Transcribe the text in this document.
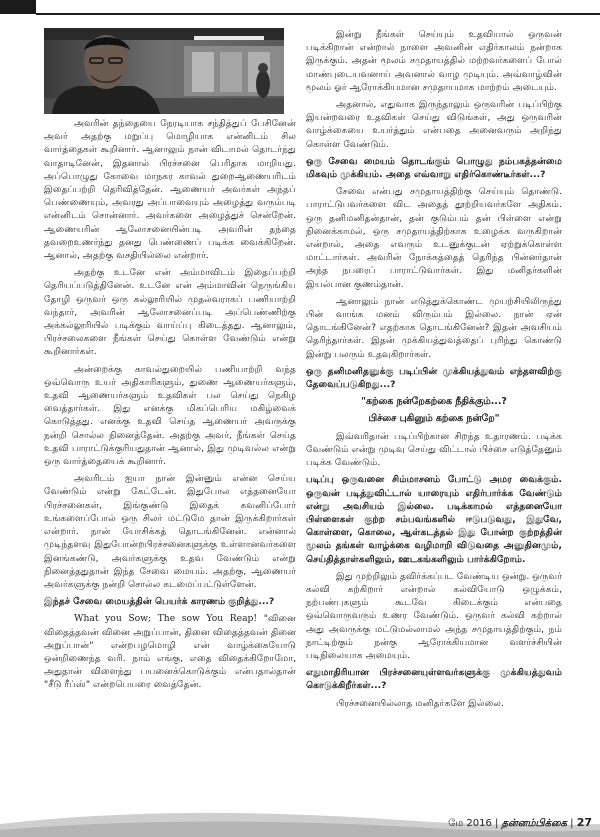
அவரின் தந்தையை நேரடியாக சந்தித்துப் பேசினேன் அவர் அதற்கு மறுப்பு மொழியாக என்னிடம் சில வார்த்தைகள் கூறினார். ஆனாலும் நான் விடாமல் தொடர்ந்து வாதாடினேன், இதனால் பிரச்சனை பெரிதாக மாறியது. அப்பொழுது கோவை மாநகர காவல் துறைஆணையரிடம் இதைப்பற்றி தெரிவித்தேன். ஆணையர் அவர்கள் அந்தப் பெண்ணையும், அவரது அப்பாவையும் அழைத்து வரும்படி என்னிடம் சொன்னார். அவர்களை அழைத்துச் சென்றேன். ஆணையரின் ஆலோசனையின்படி அவரின் தந்தை தவறைஉணர்ந்து தனது பெண்ணைப் படிக்க வைக்கிறேன். ஆனால், அதற்கு வசதியில்லை என்றார்.

அதற்கு உடனே என் அம்மாவிடம் இதைப்பற்றி தெரியப்படுத்தினேன். உடனே என் அம்மாவின் நெருங்கிய தோழி ஒருவர் ஒரு கல்லூரியில் முதல்வராகப் பணியாற்றி வந்தார், அவரின் ஆலோசனைப்படி அப்பெண்ணிற்கு அக்கல்லூரியில் படிக்கும் வாய்ப்பு கிடைத்தது. ஆனாலும், பிரச்சலைகளை நீங்கள் செய்து கொள்ள வேண்டும் என்று கூறினார்கள்.

அன்றைக்கு காவல்துறையில் பணியாற்றி வந்த ஒவ்வொரு உயர் அதிகாரிகளும், துணை ஆணையர்களும், உதவி ஆணையர்களும் உதவிகள் பல செய்து நெகிழ வைத்தார்கள். இது எனக்கு மிகப்பெரிய மகிழ்வைக் கொடுத்தது. எனக்கு உதவி செய்த ஆணையர் அவருக்கு நன்றி சொல்ல நினைத்தேன். அதற்கு அவர், நீங்கள் செய்த உதவி பாராட்டுக்குரியதுதான் ஆனால், இது முடிவல்ல என்று ஒரு வார்த்தையைக் கூறினார்.

அவரிடம் ஐயா நான் இன்னும் என்ன செய்ய வேண்டும் என்று கேட்டேன். இதுபோல எத்தனையோ பிரச்சனைகள், இங்குண்டு இதைக் கவனிப்போர் உங்களைப்போல் ஒரு சிலர் மட்டுமே தான் இருக்கிறார்கள் என்றார். நான் யோசிக்கத் தொடங்கினேன். என்னால் முடிந்தளவு இதுபோன்றபிரச்சனைகளுக்கு உள்ளானவர்களை இனங்கண்டு, அவர்களுக்கு உதவ வேண்டும் என்று நினைத்ததுதான் இந்த சேவை மையம். அதற்கு, ஆணையர் அவர்களுக்கு நன்றி சொல்ல கடமைப்பட்டுள்ளேன்.

இந்தச் சேவை மையத்தின் பெயர்க் காரணம் குறித்து...?

What you Sow; The sow You Reap! "வினை விதைத்தவன் வினை அறுப்பான், தினை விதைத்தவன் தினை அறுப்பான்" என்றபழமொழி என் வாழ்க்கையோடு ஒன்றிணைந்த வரி. நாம் எங்கு, எதை விதைக்கிறோமோ, அதுதான் விளைந்து பயனைக்கொடுக்கும் என்பதால்தான் "சீடு ரீப்ஸ்" என்றபெயரை வைத்தேன்.

இன்று நீங்கள் செய்யும் உதவியால் ஒருவன் படிக்கிறான் என்றால் நாளை அவனின் எதிர்காலம் நன்றாக இருக்கும். அதன் மூலம் சமுதாயத்தில் மற்றவர்களைப் போல் மாண்புடையவனாய் அவனால் வாழ முடியும். அவ்வாழ்வின் மூலம் ஓர் ஆரோக்கியமான சமுதாயமாக மாற்றம் அடையும்.

அதனால், எதுவாக இருந்தாலும் ஒருவரின் படிப்பிற்கு இயன்றவரை உதவிகள் செய்து விடுங்கள், அது ஒருவரின் வாழ்க்கையை உயர்த்தும் என்பதை அனைவரும் அறிந்து கொள்ள வேண்டும்.

ஒரு சேவை மையம் தொடங்கும் பொழுது நம்பகத்தன்மை மிகவும் முக்கியம். அதை எவ்வாறு எதிர்கொண்டீர்கள்...?

சேவை என்பது சமுதாயத்திற்கு செய்யும் தொண்டு. பாராட்டுபவர்களை விட அதைத் தூற்றியவர்களே அதிகம். ஒரு தனிமனிதன்தான், தன் குடும்பம் தன் பிள்ளை என்று நினைக்காமல், ஒரு சமுதாயத்திற்காக உழைக்க வருகிறான் என்றால், அதை எவரும் உடனுக்குடன் ஏற்றுக்கொள்ள மாட்டார்கள். அவரின் நோக்கத்தைத் தெரிந்த பின்னர்தான் அந்த நபரைப் பாராட்டுவார்கள். இது மனிதர்களின் இயல்பான குணம்தான்.

ஆனாலும் நான் எடுத்துக்கொண்ட முயற்சியிலிருந்து பின் வாங்க மனம் விரும்பம் இல்லை. நான் ஏன் தொடங்கினேன்? எதற்காக தொடங்கினேன்? இதன் அவசியம் தெரிந்தார்கள். இதன் முக்கியத்துவத்தைப் புரிந்து கொண்டு இன்று பலரும் உதவுகிறார்கள்.

ஒரு தனிமனிதனுக்கு படிப்பின் முக்கியத்துவம் எந்தளவிற்கு தேவைப்படுகிறது...?

"கற்கை நன்றேகற்கை நீதிக்கும்...?

பிச்சை புகினும் கற்கை நன்றே"

இவ்வரிதான் படிப்பிற்கான சிறந்த உதாரணம். படிக்க வேண்டும் என்று முடிவு செய்து விட்டால் பிச்சை எடுத்தேனும் படிக்க வேண்டும்.

படிப்பு ஒருவனை சிம்மாசனம் போட்டு அமர வைக்கும். ஒருவன் படித்துவிட்டால் யாரையும் எதிர்பார்க்க வேண்டும் என்று அவசியம் இல்லை. படிக்காமல் எத்தனையோ பிள்ளைகள் குற்ற சம்பவங்களில் ஈடுபடுவது, இதுவே, கொள்ளை, கொலை, ஆள்கடத்தல் இது போன்ற குற்றத்தின் மூலம் தங்கள் வாழ்க்கை வழிமாறி விடுவதை அனுதினமும், செய்தித்தாள்களிலும், ஊடகங்களிலும் பார்க்கிறோம்.

இது முற்றிலும் தவிர்க்கப்பட வேண்டிய ஒன்று. ஒருவர் கல்வி கற்கிறார் என்றால் கல்வியோடு ஒழுக்கம், நற்பண்புகளும் கூடவே கிடைக்கும் என்பதை ஒவ்வொருவரும் உணர வேண்டும். ஒருவர் கல்வி கற்றால் அது அவருக்கு மட்டுமல்லாமல் அந்த சமுதாயத்திற்கும், நம் நாட்டிற்கும் நன்கு ஆரோக்கியமான வளர்ச்சியின் படிநிலையாக அமையும்.

எதுமாதிரியான பிரச்சனையுள்ளவர்களுக்கு முக்கியத்துவம் கொடுக்கிறீர்கள்...?

பிரச்சனையில்லாத மனிதர்களே இல்லை.

மே 2016 | தன்னம்பிக்கை | 27
